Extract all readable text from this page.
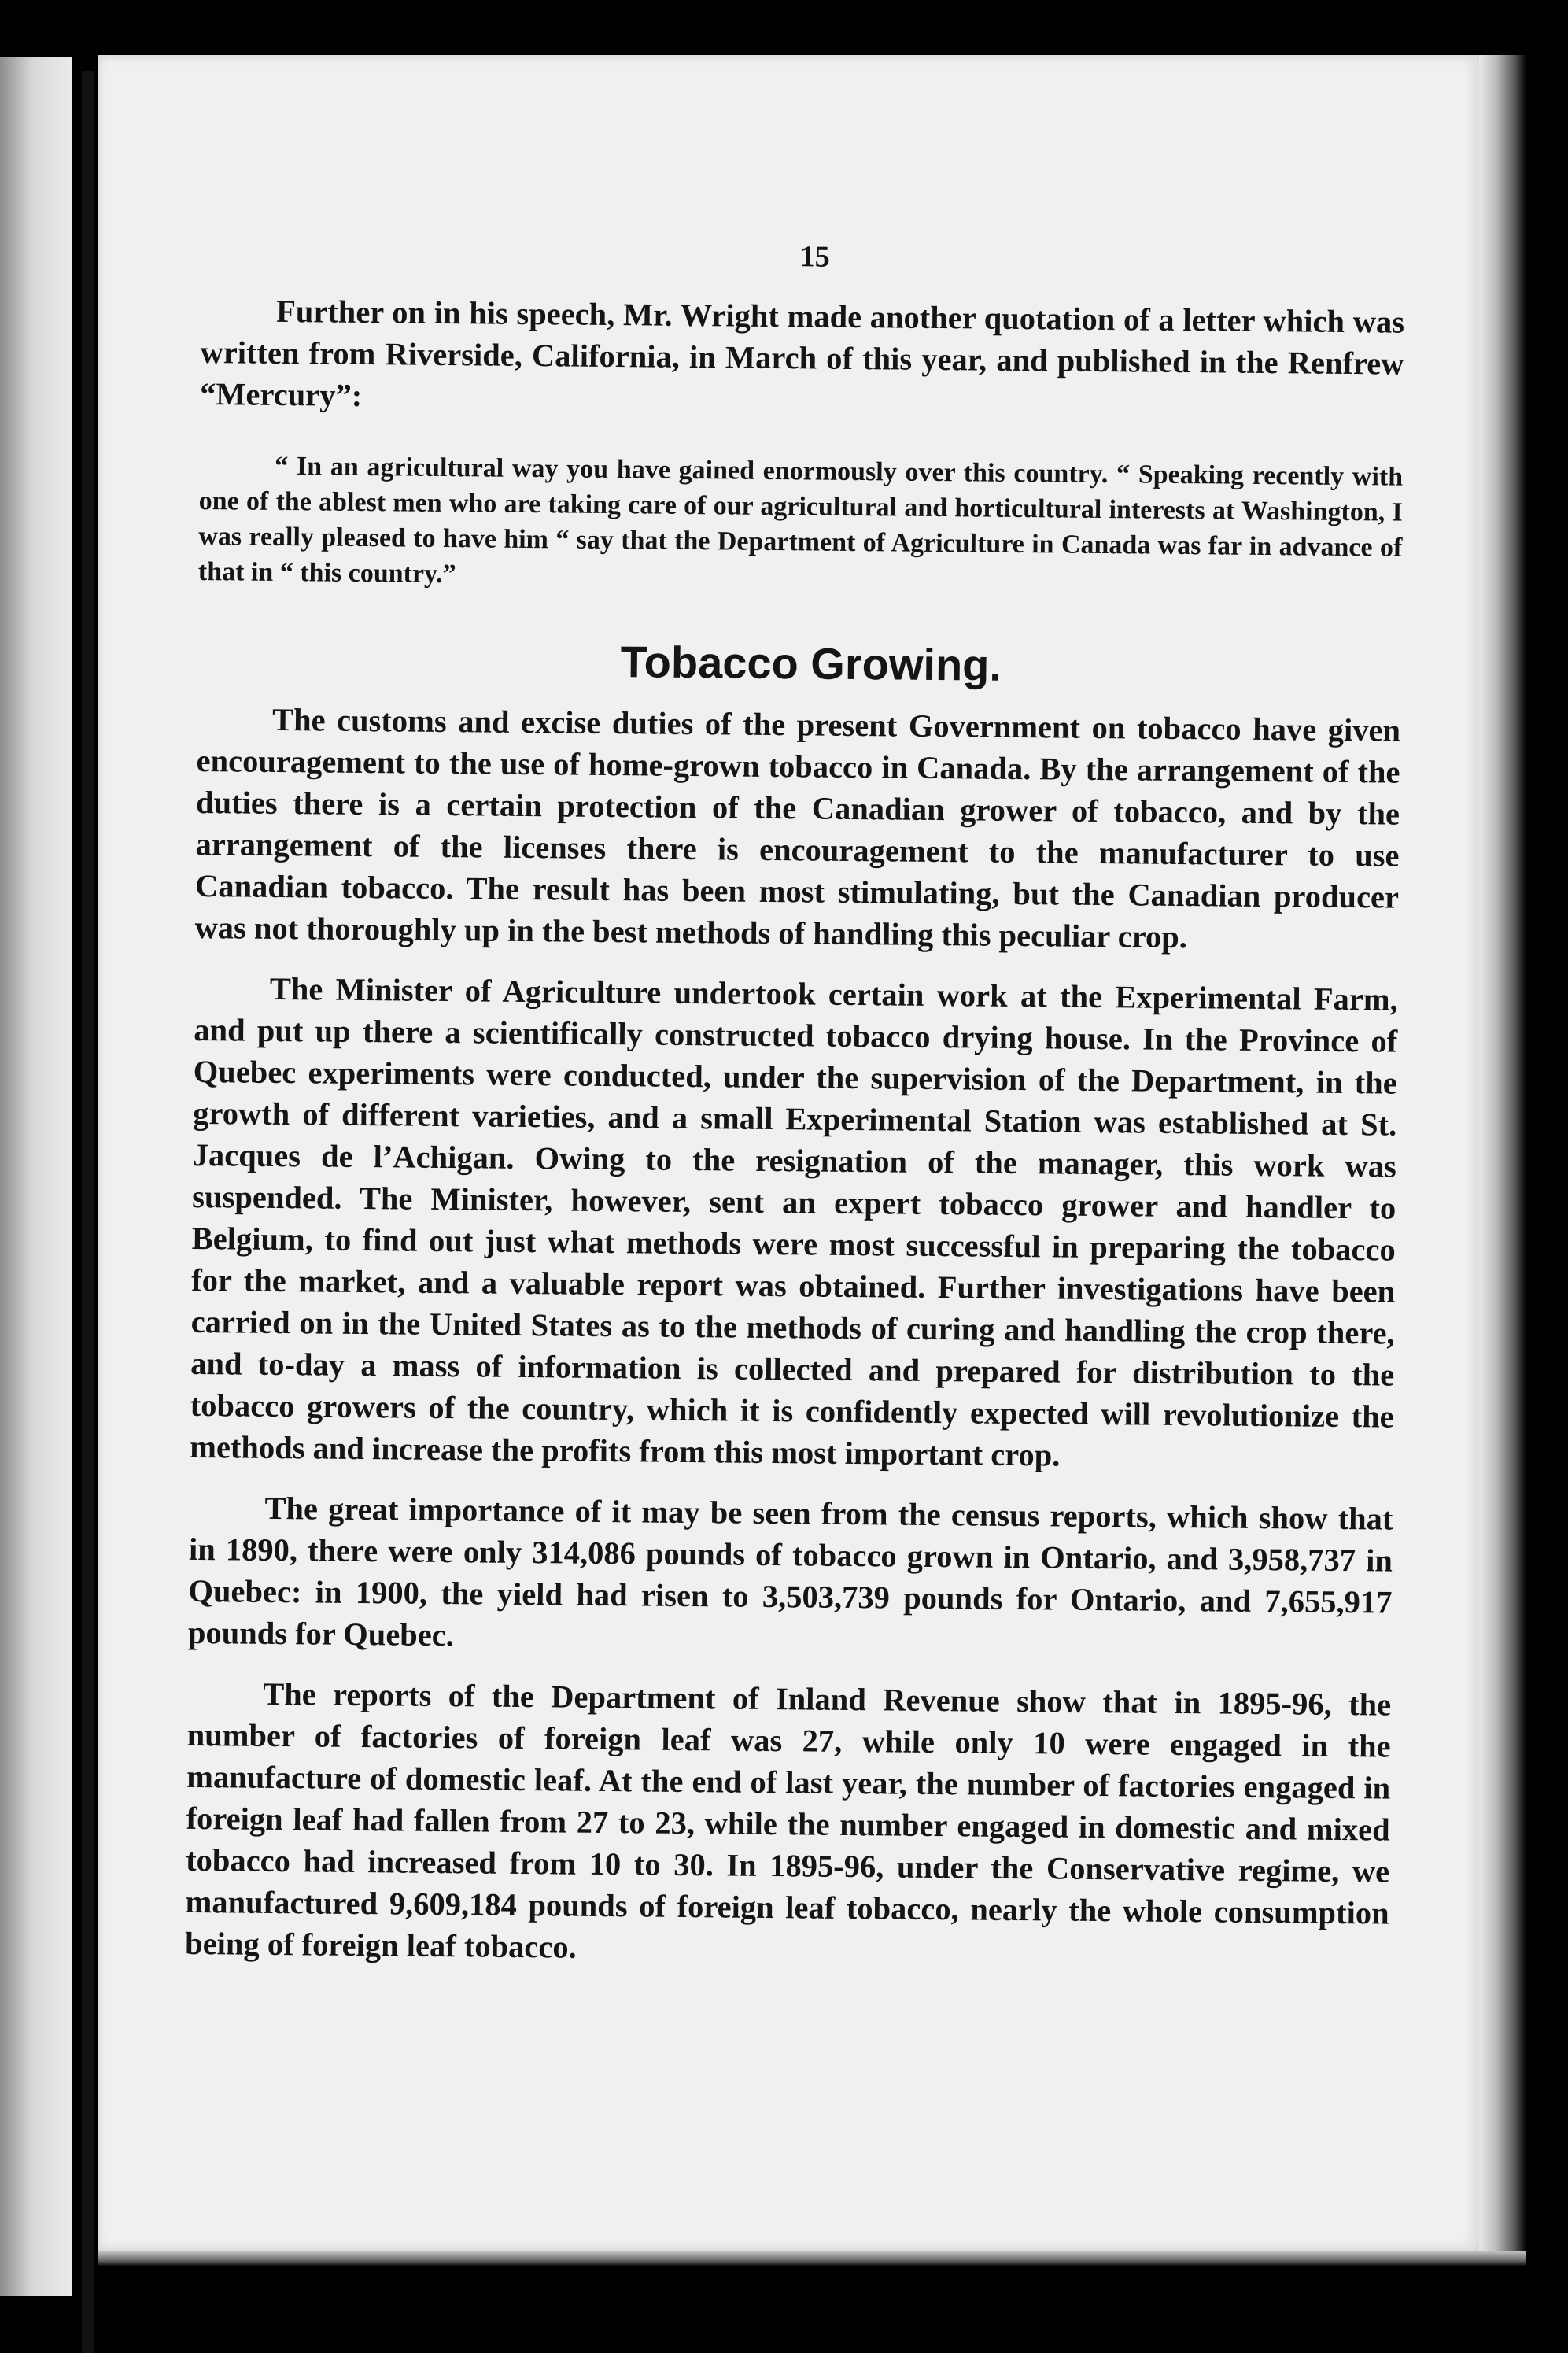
15

Further on in his speech, Mr. Wright made another quotation of a letter which was written from Riverside, California, in March of this year, and published in the Renfrew “Mercury”:

“ In an agricultural way you have gained enormously over this country. “ Speaking recently with one of the ablest men who are taking care of our agricultural and horticultural interests at Washington, I was really pleased to have him “ say that the Department of Agriculture in Canada was far in advance of that in “ this country.”

Tobacco Growing.

The customs and excise duties of the present Government on tobacco have given encouragement to the use of home-grown tobacco in Canada. By the arrangement of the duties there is a certain protection of the Canadian grower of tobacco, and by the arrangement of the licenses there is encouragement to the manufacturer to use Canadian tobacco. The result has been most stimulating, but the Canadian producer was not thoroughly up in the best methods of handling this peculiar crop.

The Minister of Agriculture undertook certain work at the Experimental Farm, and put up there a scientifically constructed tobacco drying house. In the Province of Quebec experiments were conducted, under the supervision of the Department, in the growth of different varieties, and a small Experimental Station was established at St. Jacques de l’Achigan. Owing to the resignation of the manager, this work was suspended. The Minister, however, sent an expert tobacco grower and handler to Belgium, to find out just what methods were most successful in preparing the tobacco for the market, and a valuable report was obtained. Further investigations have been carried on in the United States as to the methods of curing and handling the crop there, and to-day a mass of information is collected and prepared for distribution to the tobacco growers of the country, which it is confidently expected will revolutionize the methods and increase the profits from this most important crop.

The great importance of it may be seen from the census reports, which show that in 1890, there were only 314,086 pounds of tobacco grown in Ontario, and 3,958,737 in Quebec: in 1900, the yield had risen to 3,503,739 pounds for Ontario, and 7,655,917 pounds for Quebec.

The reports of the Department of Inland Revenue show that in 1895-96, the number of factories of foreign leaf was 27, while only 10 were engaged in the manufacture of domestic leaf. At the end of last year, the number of factories engaged in foreign leaf had fallen from 27 to 23, while the number engaged in domestic and mixed tobacco had increased from 10 to 30. In 1895-96, under the Conservative regime, we manufactured 9,609,184 pounds of foreign leaf tobacco, nearly the whole consumption being of foreign leaf tobacco.
